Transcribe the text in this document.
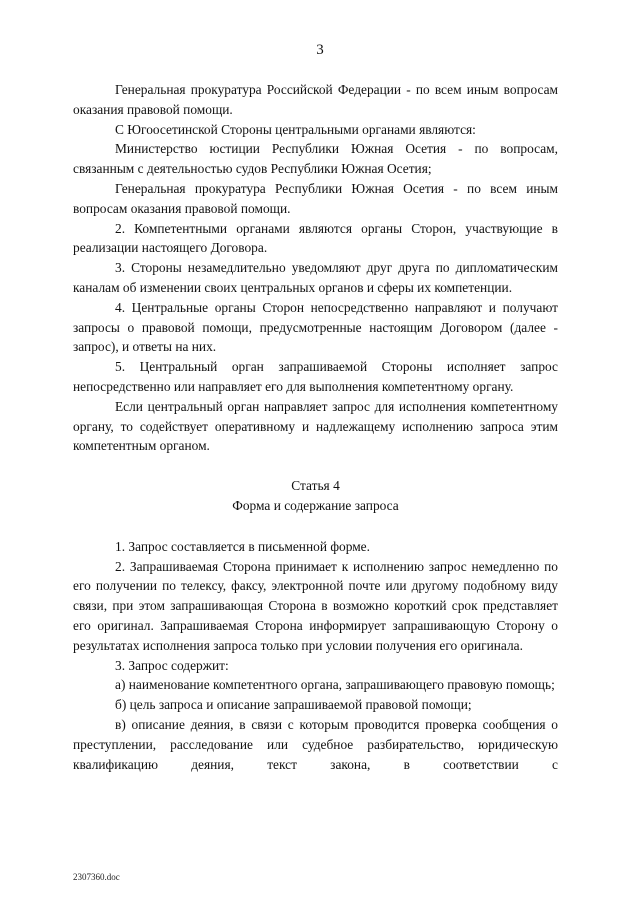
3

Генеральная прокуратура Российской Федерации - по всем иным вопросам оказания правовой помощи.

С Югоосетинской Стороны центральными органами являются:

Министерство юстиции Республики Южная Осетия - по вопросам, связанным с деятельностью судов Республики Южная Осетия;

Генеральная прокуратура Республики Южная Осетия - по всем иным вопросам оказания правовой помощи.

2. Компетентными органами являются органы Сторон, участвующие в реализации настоящего Договора.

3. Стороны незамедлительно уведомляют друг друга по дипломатическим каналам об изменении своих центральных органов и сферы их компетенции.

4. Центральные органы Сторон непосредственно направляют и получают запросы о правовой помощи, предусмотренные настоящим Договором (далее - запрос), и ответы на них.

5. Центральный орган запрашиваемой Стороны исполняет запрос непосредственно или направляет его для выполнения компетентному органу.

Если центральный орган направляет запрос для исполнения компетентному органу, то содействует оперативному и надлежащему исполнению запроса этим компетентным органом.

Статья 4
Форма и содержание запроса

1. Запрос составляется в письменной форме.

2. Запрашиваемая Сторона принимает к исполнению запрос немедленно по его получении по телексу, факсу, электронной почте или другому подобному виду связи, при этом запрашивающая Сторона в возможно короткий срок представляет его оригинал. Запрашиваемая Сторона информирует запрашивающую Сторону о результатах исполнения запроса только при условии получения его оригинала.

3. Запрос содержит:

а) наименование компетентного органа, запрашивающего правовую помощь;

б) цель запроса и описание запрашиваемой правовой помощи;

в) описание деяния, в связи с которым проводится проверка сообщения о преступлении, расследование или судебное разбирательство, юридическую квалификацию деяния, текст закона, в соответствии с

2307360.doc
